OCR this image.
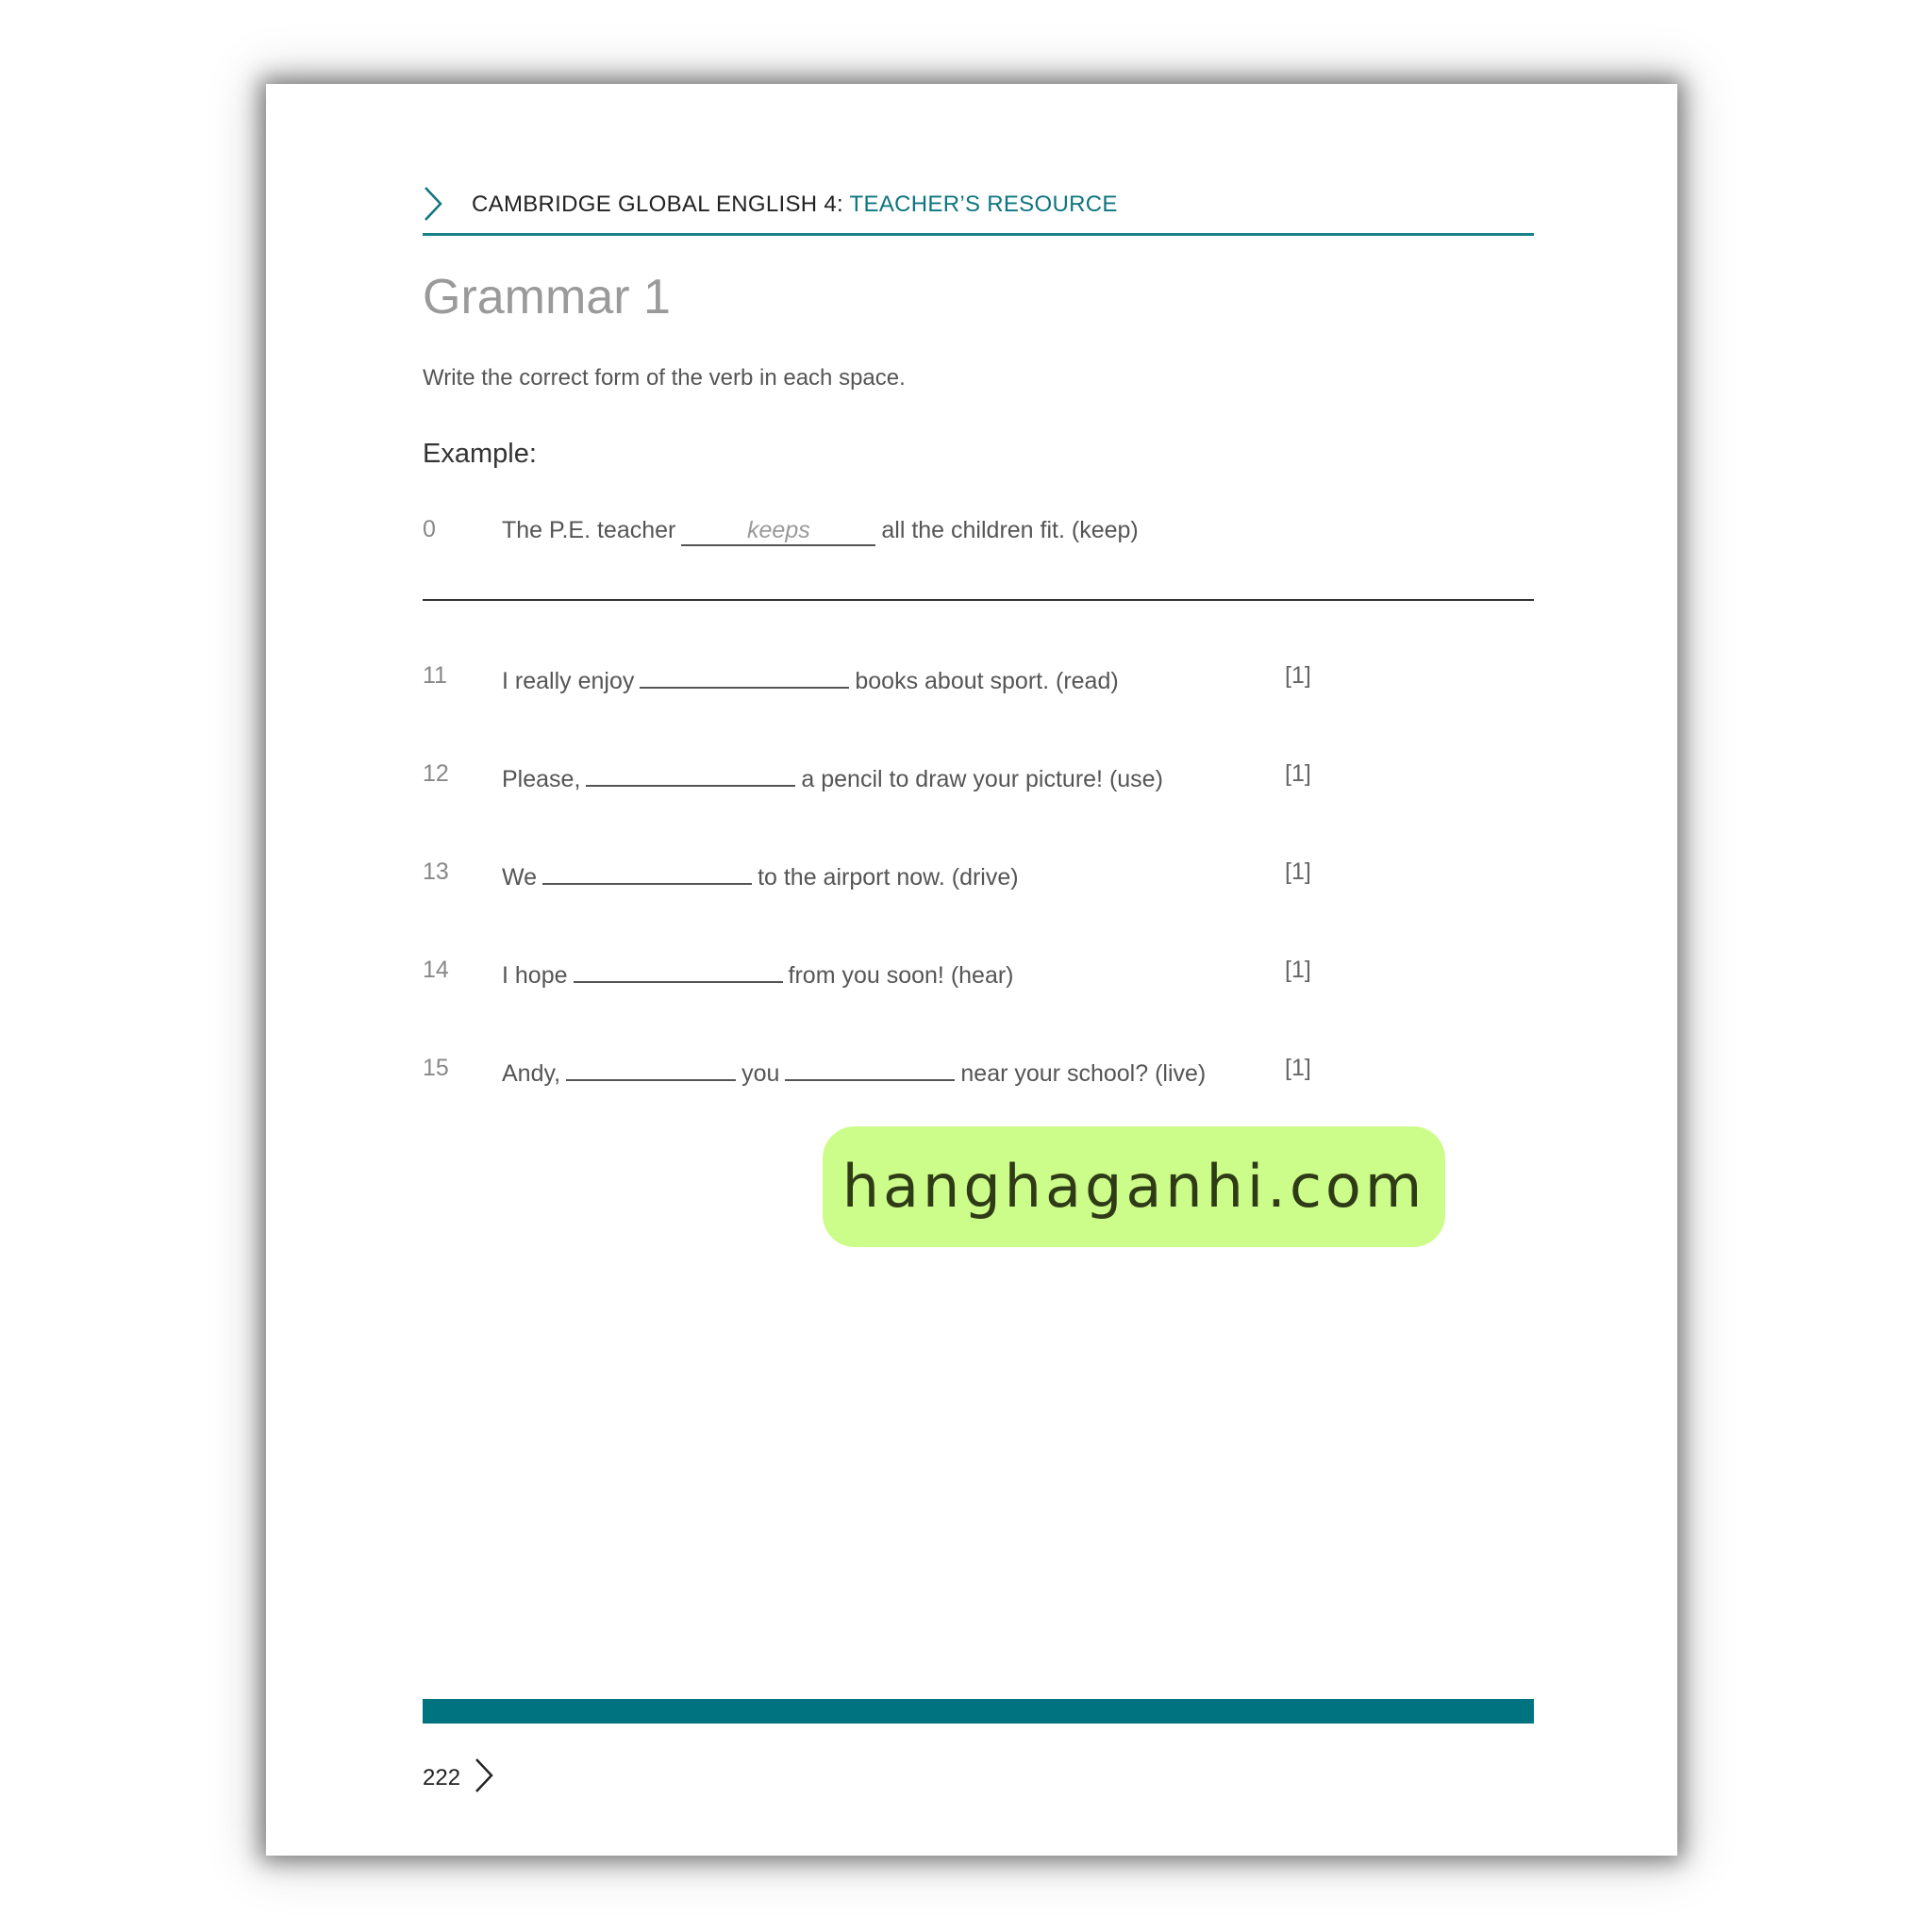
CAMBRIDGE GLOBAL ENGLISH 4: TEACHER’S RESOURCE
Grammar 1
Write the correct form of the verb in each space.
Example:
0	The P.E. teacher	keeps	all the children fit. (keep)
11 I really enjoy	books about sport. (read)	[1]
12 Please,	a pencil to draw your picture! (use)	[1]
13 We	to the airport now. (drive)	[1]
14 I hope	from you soon! (hear)	[1]
15 Andy,	you	near your school? (live)	[1]
hanghaganhi.com
222
